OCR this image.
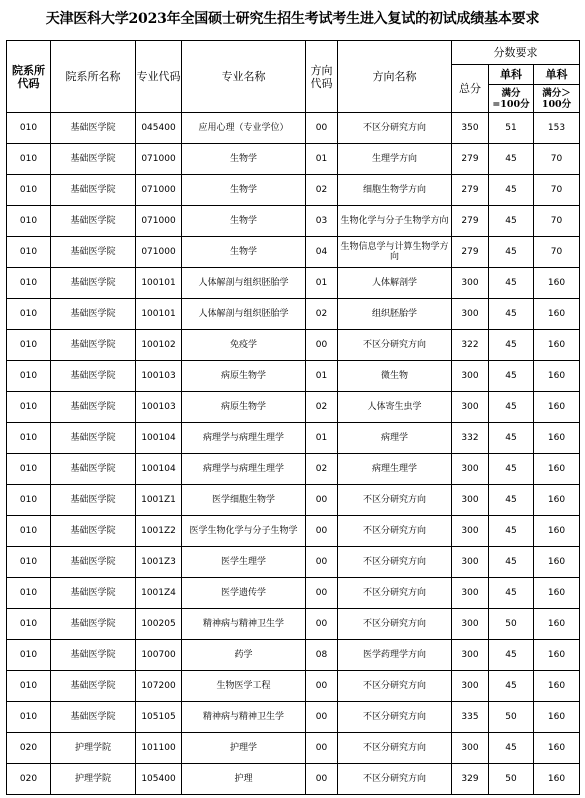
天津医科大学2023年全国硕士研究生招生考试考生进入复试的初试成绩基本要求
院系所代码	院系所名称	专业代码	专业名称	方向代码	方向名称	分数要求		
						总分	单科	单科
							满分=100分	满分＞100分
010	基础医学院	045400	应用心理（专业学位）	00	不区分研究方向	350	51	153
010	基础医学院	071000	生物学	01	生理学方向	279	45	70
010	基础医学院	071000	生物学	02	细胞生物学方向	279	45	70
010	基础医学院	071000	生物学	03	生物化学与分子生物学方向	279	45	70
010	基础医学院	071000	生物学	04	生物信息学与计算生物学方向	279	45	70
010	基础医学院	100101	人体解剖与组织胚胎学	01	人体解剖学	300	45	160
010	基础医学院	100101	人体解剖与组织胚胎学	02	组织胚胎学	300	45	160
010	基础医学院	100102	免疫学	00	不区分研究方向	322	45	160
010	基础医学院	100103	病原生物学	01	微生物	300	45	160
010	基础医学院	100103	病原生物学	02	人体寄生虫学	300	45	160
010	基础医学院	100104	病理学与病理生理学	01	病理学	332	45	160
010	基础医学院	100104	病理学与病理生理学	02	病理生理学	300	45	160
010	基础医学院	1001Z1	医学细胞生物学	00	不区分研究方向	300	45	160
010	基础医学院	1001Z2	医学生物化学与分子生物学	00	不区分研究方向	300	45	160
010	基础医学院	1001Z3	医学生理学	00	不区分研究方向	300	45	160
010	基础医学院	1001Z4	医学遗传学	00	不区分研究方向	300	45	160
010	基础医学院	100205	精神病与精神卫生学	00	不区分研究方向	300	50	160
010	基础医学院	100700	药学	08	医学药理学方向	300	45	160
010	基础医学院	107200	生物医学工程	00	不区分研究方向	300	45	160
010	基础医学院	105105	精神病与精神卫生学	00	不区分研究方向	335	50	160
020	护理学院	101100	护理学	00	不区分研究方向	300	45	160
020	护理学院	105400	护理	00	不区分研究方向	329	50	160
